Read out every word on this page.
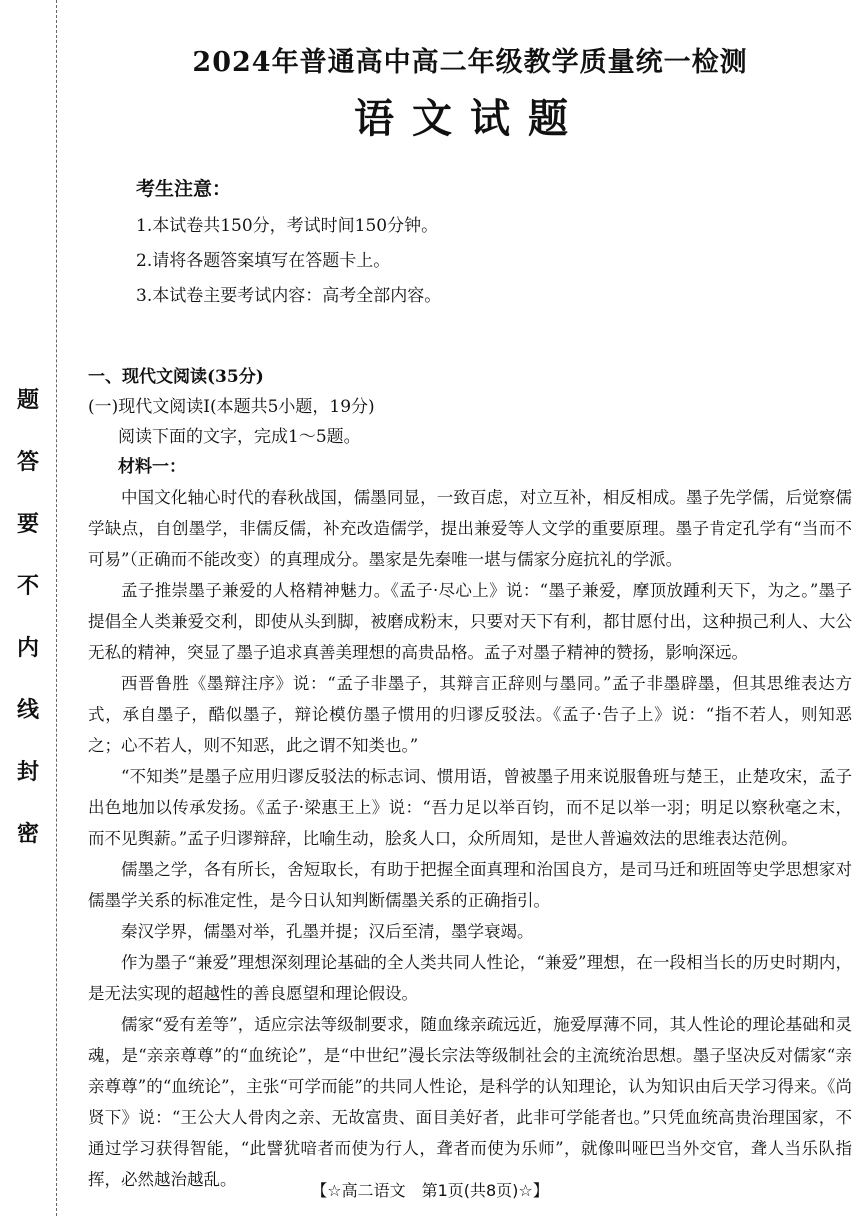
题
答
要
不
内
线
封
密
2024年普通高中高二年级教学质量统一检测
语文试题

考生注意：

1.本试卷共150分，考试时间150分钟。

2.请将各题答案填写在答题卡上。

3.本试卷主要考试内容：高考全部内容。

一、现代文阅读(35分)

(一)现代文阅读Ⅰ(本题共5小题，19分)

阅读下面的文字，完成1～5题。

材料一：

中国文化轴心时代的春秋战国，儒墨同显，一致百虑，对立互补，相反相成。墨子先学儒，后觉察儒学缺点，自创墨学，非儒反儒，补充改造儒学，提出兼爱等人文学的重要原理。墨子肯定孔学有“当而不可易”（正确而不能改变）的真理成分。墨家是先秦唯一堪与儒家分庭抗礼的学派。

孟子推崇墨子兼爱的人格精神魅力。《孟子·尽心上》说：“墨子兼爱，摩顶放踵利天下，为之。”墨子提倡全人类兼爱交利，即使从头到脚，被磨成粉末，只要对天下有利，都甘愿付出，这种损己利人、大公无私的精神，突显了墨子追求真善美理想的高贵品格。孟子对墨子精神的赞扬，影响深远。

西晋鲁胜《墨辩注序》说：“孟子非墨子，其辩言正辞则与墨同。”孟子非墨辟墨，但其思维表达方式，承自墨子，酷似墨子，辩论模仿墨子惯用的归谬反驳法。《孟子·告子上》说：“指不若人，则知恶之；心不若人，则不知恶，此之谓不知类也。”

“不知类”是墨子应用归谬反驳法的标志词、惯用语，曾被墨子用来说服鲁班与楚王，止楚攻宋，孟子出色地加以传承发扬。《孟子·梁惠王上》说：“吾力足以举百钧，而不足以举一羽；明足以察秋毫之末，而不见舆薪。”孟子归谬辩辞，比喻生动，脍炙人口，众所周知，是世人普遍效法的思维表达范例。

儒墨之学，各有所长，舍短取长，有助于把握全面真理和治国良方，是司马迁和班固等史学思想家对儒墨学关系的标准定性，是今日认知判断儒墨关系的正确指引。

秦汉学界，儒墨对举，孔墨并提；汉后至清，墨学衰竭。

作为墨子“兼爱”理想深刻理论基础的全人类共同人性论，“兼爱”理想，在一段相当长的历史时期内，是无法实现的超越性的善良愿望和理论假设。

儒家“爱有差等”，适应宗法等级制要求，随血缘亲疏远近，施爱厚薄不同，其人性论的理论基础和灵魂，是“亲亲尊尊”的“血统论”，是“中世纪”漫长宗法等级制社会的主流统治思想。墨子坚决反对儒家“亲亲尊尊”的“血统论”，主张“可学而能”的共同人性论，是科学的认知理论，认为知识由后天学习得来。《尚贤下》说：“王公大人骨肉之亲、无故富贵、面目美好者，此非可学能者也。”只凭血统高贵治理国家，不通过学习获得智能，“此譬犹喑者而使为行人，聋者而使为乐师”，就像叫哑巴当外交官，聋人当乐队指挥，必然越治越乱。

【☆高二语文　第1页(共8页)☆】
